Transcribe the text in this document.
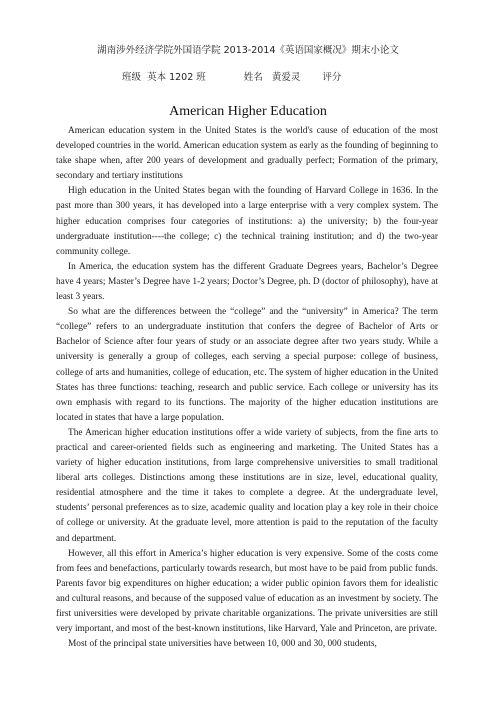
湖南涉外经济学院外国语学院 2013-2014《英语国家概况》期末小论文
班级 英本 1202 班	姓名 黄爱灵 评分
American Higher Education

American education system in the United States is the world's cause of education of the most developed countries in the world. American education system as early as the founding of beginning to take shape when, after 200 years of development and gradually perfect; Formation of the primary, secondary and tertiary institutions

High education in the United States began with the founding of Harvard College in 1636. In the past more than 300 years, it has developed into a large enterprise with a very complex system. The higher education comprises four categories of institutions: a) the university; b) the four-year undergraduate institution----the college; c) the technical training institution; and d) the two-year community college.

In America, the education system has the different Graduate Degrees years, Bachelor’s Degree have 4 years; Master’s Degree have 1-2 years; Doctor’s Degree, ph. D (doctor of philosophy), have at least 3 years.

So what are the differences between the “college” and the “university” in America? The term “college” refers to an undergraduate institution that confers the degree of Bachelor of Arts or Bachelor of Science after four years of study or an associate degree after two years study. While a university is generally a group of colleges, each serving a special purpose: college of business, college of arts and humanities, college of education, etc. The system of higher education in the United States has three functions: teaching, research and public service. Each college or university has its own emphasis with regard to its functions. The majority of the higher education institutions are located in states that have a large population.

The American higher education institutions offer a wide variety of subjects, from the fine arts to practical and career-oriented fields such as engineering and marketing. The United States has a variety of higher education institutions, from large comprehensive universities to small traditional liberal arts colleges. Distinctions among these institutions are in size, level, educational quality, residential atmosphere and the time it takes to complete a degree. At the undergraduate level, students’ personal preferences as to size, academic quality and location play a key role in their choice of college or university. At the graduate level, more attention is paid to the reputation of the faculty and department.

However, all this effort in America’s higher education is very expensive. Some of the costs come from fees and benefactions, particularly towards research, but most have to be paid from public funds. Parents favor big expenditures on higher education; a wider public opinion favors them for idealistic and cultural reasons, and because of the supposed value of education as an investment by society. The first universities were developed by private charitable organizations. The private universities are still very important, and most of the best-known institutions, like Harvard, Yale and Princeton, are private.

Most of the principal state universities have between 10, 000 and 30, 000 students,
